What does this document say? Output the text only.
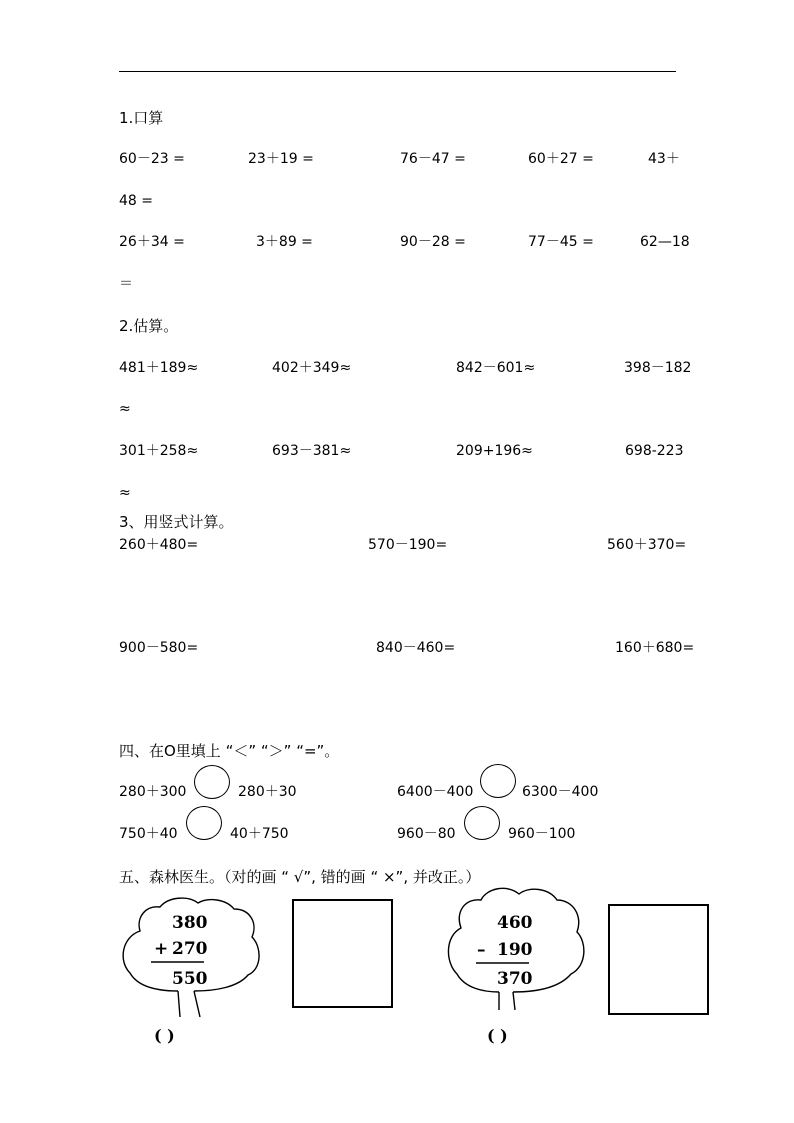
1.口算
60－23 =	23＋19 =	76－47 =	60＋27 =	43＋
48 =
26＋34 =	3＋89 =	90－28 =	77－45 =	62—18
＝
2.估算。
481＋189≈	402＋349≈	842－601≈	398－182
≈
301＋258≈	693－381≈	209+196≈	698-223
≈
3、用竖式计算。
260＋480=	570－190=	560＋370=
900－580=	840－460=	160＋680=
四、在O里填上 “＜” “＞” “=”。
280＋300	280＋30	6400－400	6300－400
750＋40	40＋750	960－80	960－100
五、森林医生。（对的画 “ √”, 错的画 “ ×”, 并改正。）
380
+ 270
550
( )
460
– 190
370
( )
